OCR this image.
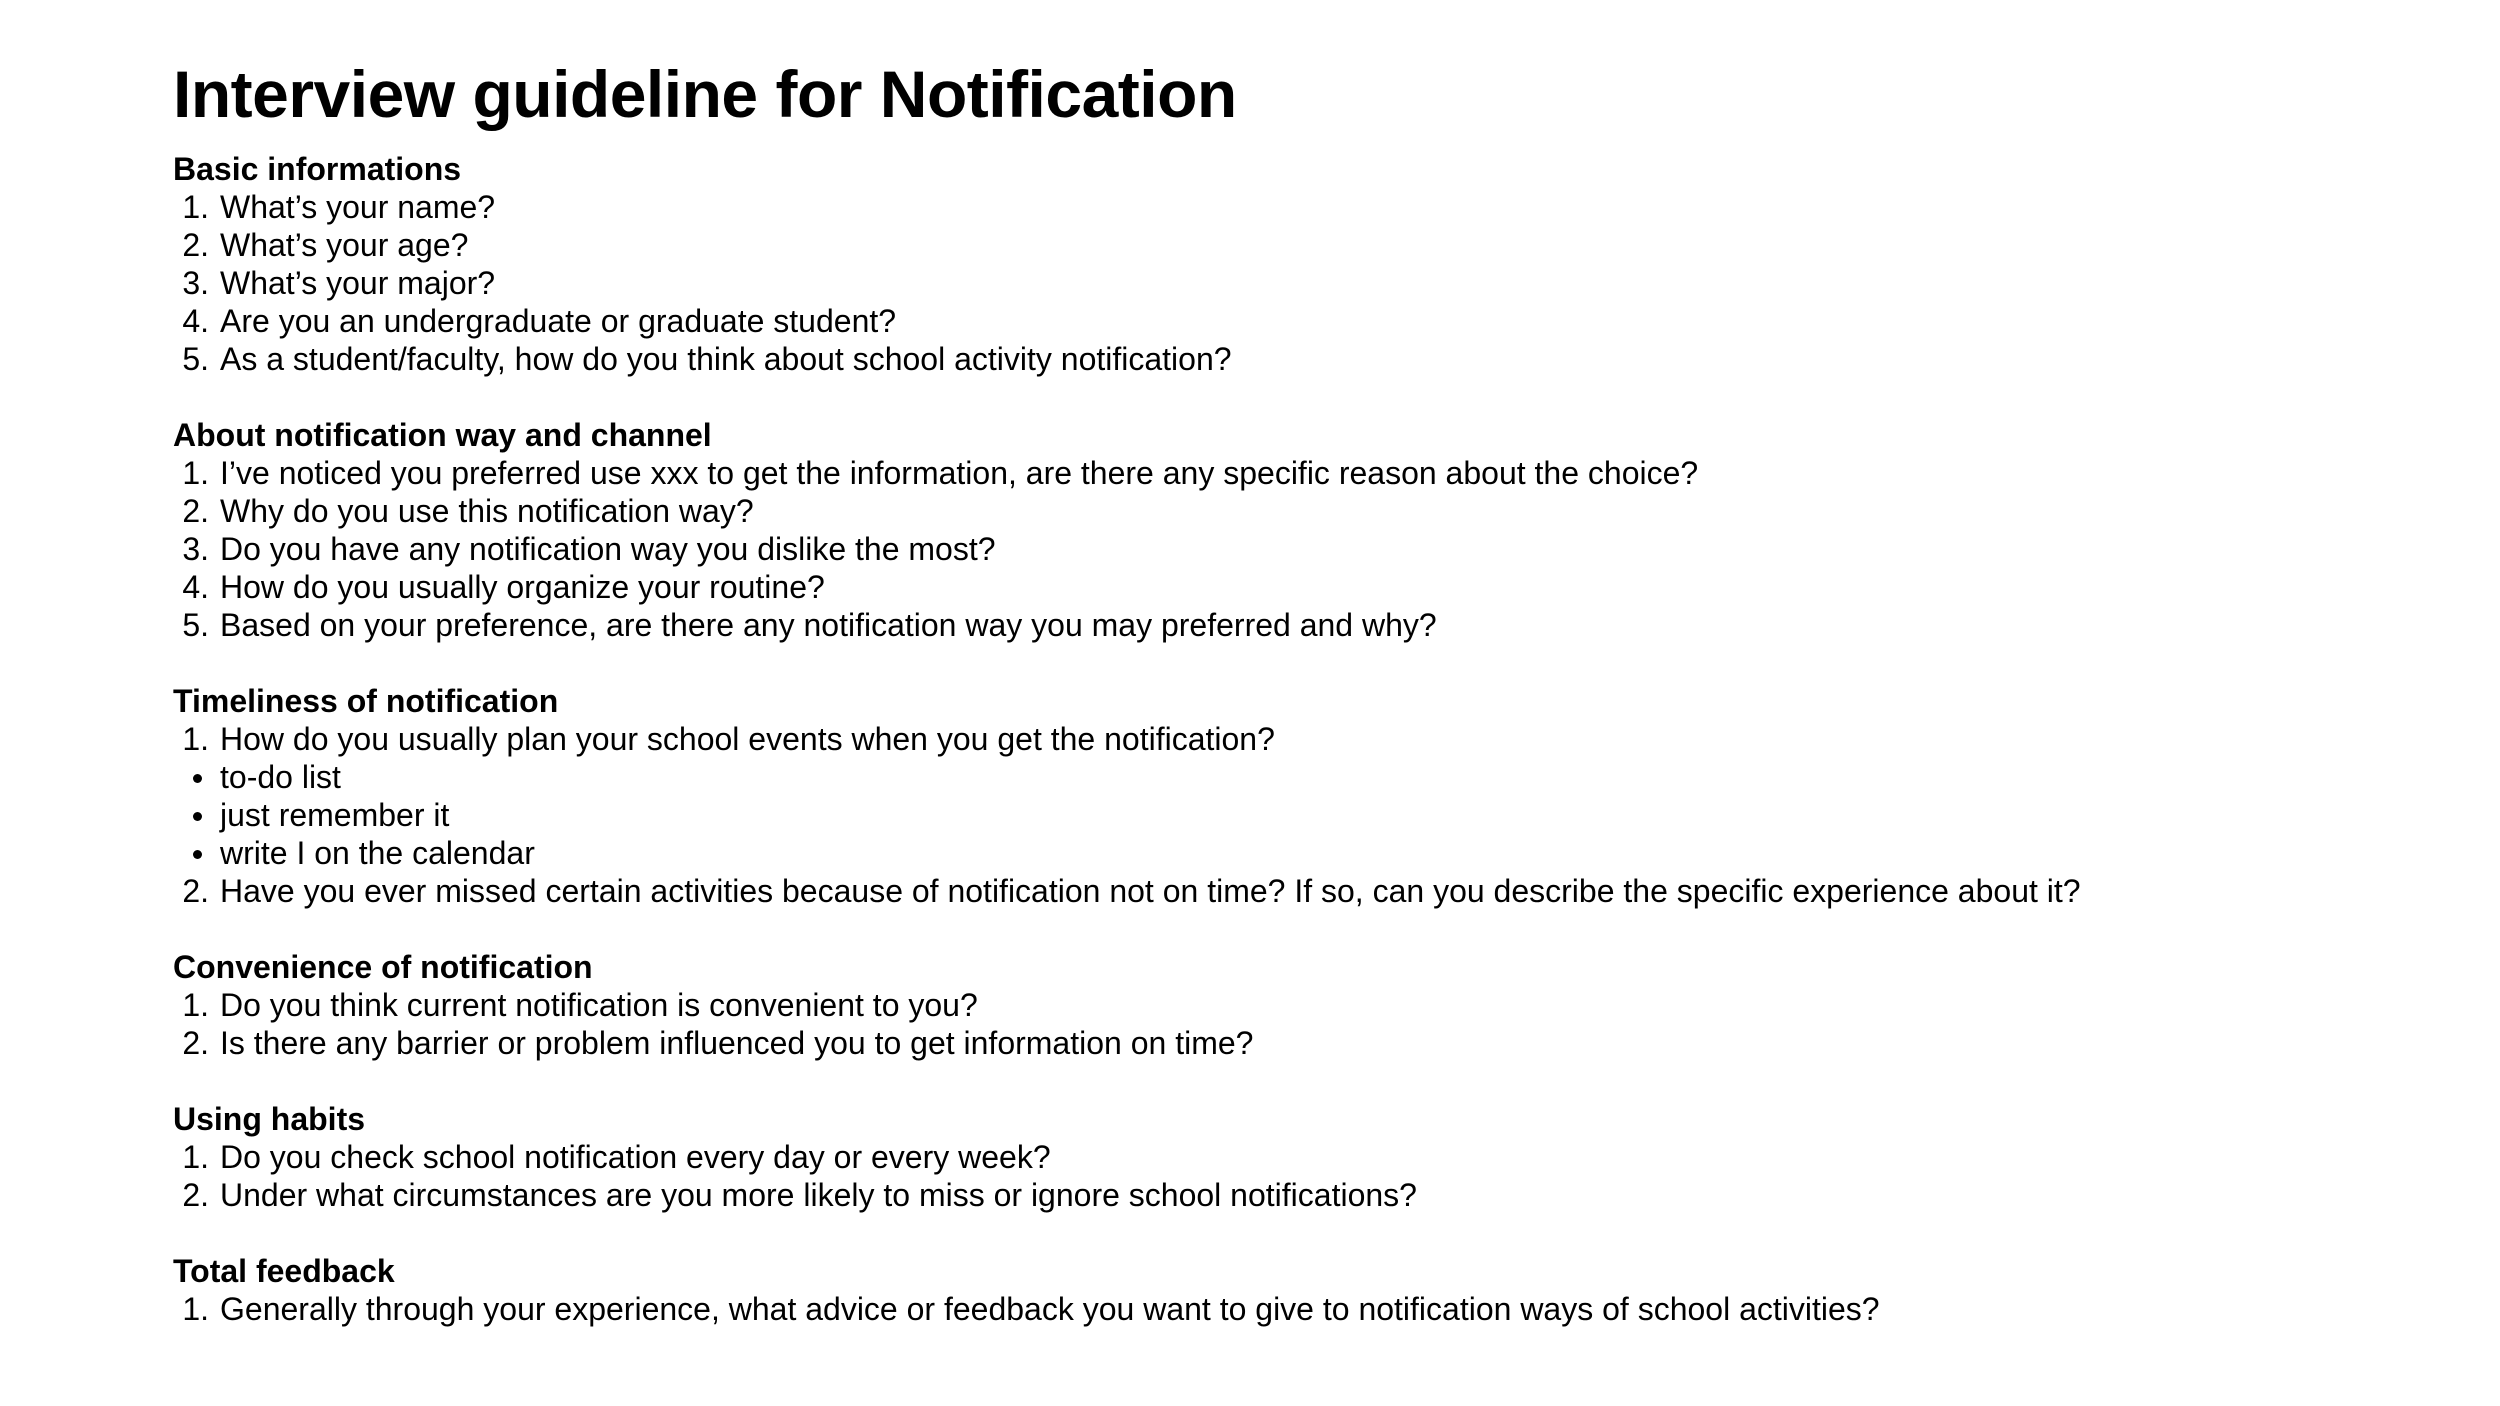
Interview guideline for Notification
Basic informations
1. What’s your name?
2. What’s your age?
3. What’s your major?
4. Are you an undergraduate or graduate student?
5. As a student/faculty, how do you think about school activity notification?
About notification way and channel
1. I’ve noticed you preferred use xxx to get the information, are there any specific reason about the choice?
2. Why do you use this notification way?
3. Do you have any notification way you dislike the most?
4. How do you usually organize your routine?
5. Based on your preference, are there any notification way you may preferred and why?
Timeliness of notification
1. How do you usually plan your school events when you get the notification?
to-do list
just remember it
write I on the calendar
2. Have you ever missed certain activities because of notification not on time? If so, can you describe the specific experience about it?
Convenience of notification
1. Do you think current notification is convenient to you?
2. Is there any barrier or problem influenced you to get information on time?
Using habits
1. Do you check school notification every day or every week?
2. Under what circumstances are you more likely to miss or ignore school notifications?
Total feedback
1. Generally through your experience, what advice or feedback you want to give to notification ways of school activities?
